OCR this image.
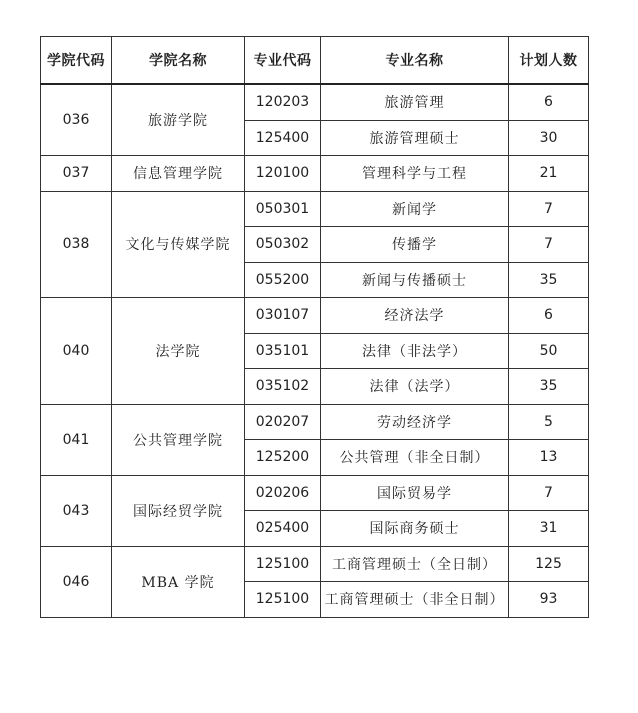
学院代码	学院名称	专业代码	专业名称	计划人数
036	旅游学院	120203	旅游管理	6
		125400	旅游管理硕士	30
037	信息管理学院	120100	管理科学与工程	21
038	文化与传媒学院	050301	新闻学	7
		050302	传播学	7
		055200	新闻与传播硕士	35
040	法学院	030107	经济法学	6
		035101	法律（非法学）	50
		035102	法律（法学）	35
041	公共管理学院	020207	劳动经济学	5
		125200	公共管理（非全日制）	13
043	国际经贸学院	020206	国际贸易学	7
		025400	国际商务硕士	31
046	MBA 学院	125100	工商管理硕士（全日制）	125
		125100	工商管理硕士（非全日制）	93
